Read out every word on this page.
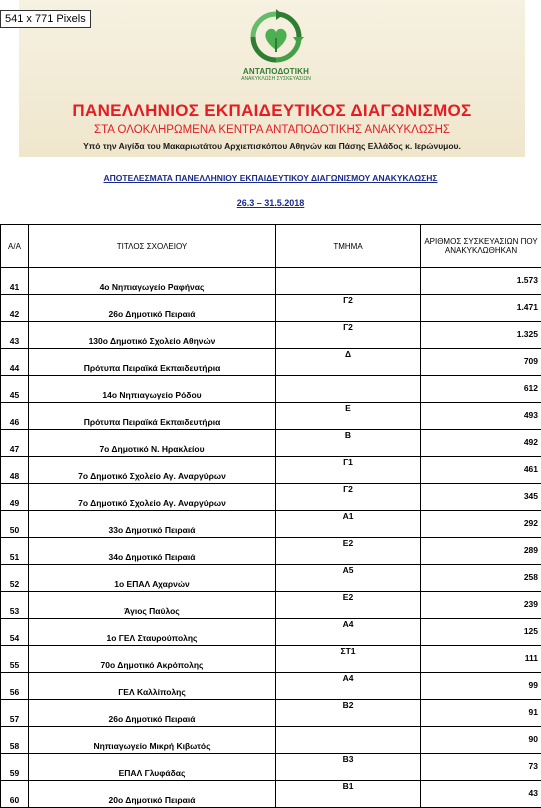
541 x 771 Pixels
ΑΝΤΑΠΟΔΟΤΙΚΗ
ΑΝΑΚΥΚΛΩΣΗ ΣΥΣΚΕΥΑΣΙΩΝ
ΠΑΝΕΛΛΗΝΙΟΣ ΕΚΠΑΙΔΕΥΤΙΚΟΣ ΔΙΑΓΩΝΙΣΜΟΣ
ΣΤΑ ΟΛΟΚΛΗΡΩΜΕΝΑ ΚΕΝΤΡΑ ΑΝΤΑΠΟΔΟΤΙΚΗΣ ΑΝΑΚΥΚΛΩΣΗΣ
Υπό την Αιγίδα του Μακαριωτάτου Αρχιεπισκόπου Αθηνών και Πάσης Ελλάδος κ. Ιερώνυμου.
ΑΠΟΤΕΛΕΣΜΑΤΑ ΠΑΝΕΛΛΗΝΙΟΥ ΕΚΠΑΙΔΕΥΤΙΚΟΥ ΔΙΑΓΩΝΙΣΜΟΥ ΑΝΑΚΥΚΛΩΣΗΣ
26.3 – 31.5.2018
Α/Α	ΤΙΤΛΟΣ ΣΧΟΛΕΙΟΥ	ΤΜΗΜΑ	ΑΡΙΘΜΟΣ ΣΥΣΚΕΥΑΣΙΩΝ ΠΟΥ ΑΝΑΚΥΚΛΩΘΗΚΑΝ
41	4ο Νηπιαγωγείο Ραφήνας		1.573
42	26ο Δημοτικό Πειραιά	Γ2	1.471
43	130ο Δημοτικό Σχολείο Αθηνών	Γ2	1.325
44	Πρότυπα Πειραϊκά Εκπαιδευτήρια	Δ	709
45	14ο Νηπιαγωγείο Ρόδου		612
46	Πρότυπα Πειραϊκά Εκπαιδευτήρια	Ε	493
47	7ο Δημοτικό Ν. Ηρακλείου	Β	492
48	7ο Δημοτικό Σχολείο Αγ. Αναργύρων	Γ1	461
49	7ο Δημοτικό Σχολείο Αγ. Αναργύρων	Γ2	345
50	33ο Δημοτικό Πειραιά	Α1	292
51	34ο Δημοτικό Πειραιά	Ε2	289
52	1ο ΕΠΑΛ Αχαρνών	Α5	258
53	Άγιος Παύλος	Ε2	239
54	1ο ΓΕΛ Σταυρούπολης	Α4	125
55	70ο Δημοτικό Ακρόπολης	ΣΤ1	111
56	ΓΕΛ Καλλίπολης	Α4	99
57	26ο Δημοτικό Πειραιά	Β2	91
58	Νηπιαγωγείο Μικρή Κιβωτός		90
59	ΕΠΑΛ Γλυφάδας	Β3	73
60	20ο Δημοτικό Πειραιά	Β1	43
